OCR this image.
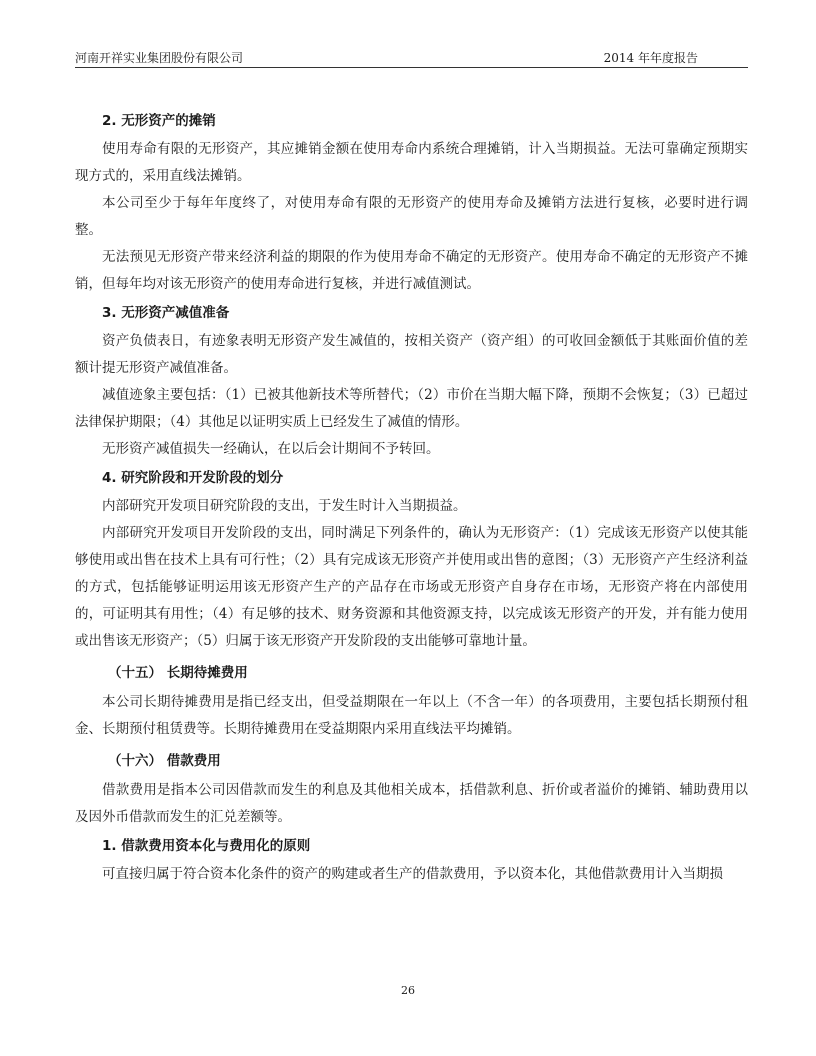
河南开祥实业集团股份有限公司	2014 年年度报告
2. 无形资产的摊销

使用寿命有限的无形资产，其应摊销金额在使用寿命内系统合理摊销，计入当期损益。无法可靠确定预期实现方式的，采用直线法摊销。

本公司至少于每年年度终了，对使用寿命有限的无形资产的使用寿命及摊销方法进行复核，必要时进行调整。

无法预见无形资产带来经济利益的期限的作为使用寿命不确定的无形资产。使用寿命不确定的无形资产不摊销，但每年均对该无形资产的使用寿命进行复核，并进行减值测试。

3. 无形资产减值准备

资产负债表日，有迹象表明无形资产发生减值的，按相关资产（资产组）的可收回金额低于其账面价值的差额计提无形资产减值准备。

减值迹象主要包括：（1）已被其他新技术等所替代；（2）市价在当期大幅下降，预期不会恢复；（3）已超过法律保护期限；（4）其他足以证明实质上已经发生了减值的情形。

无形资产减值损失一经确认，在以后会计期间不予转回。

4. 研究阶段和开发阶段的划分

内部研究开发项目研究阶段的支出，于发生时计入当期损益。

内部研究开发项目开发阶段的支出，同时满足下列条件的，确认为无形资产：（1）完成该无形资产以使其能够使用或出售在技术上具有可行性；（2）具有完成该无形资产并使用或出售的意图；（3）无形资产产生经济利益的方式，包括能够证明运用该无形资产生产的产品存在市场或无形资产自身存在市场，无形资产将在内部使用的，可证明其有用性；（4）有足够的技术、财务资源和其他资源支持，以完成该无形资产的开发，并有能力使用或出售该无形资产；（5）归属于该无形资产开发阶段的支出能够可靠地计量。

（十五） 长期待摊费用

本公司长期待摊费用是指已经支出，但受益期限在一年以上（不含一年）的各项费用，主要包括长期预付租金、长期预付租赁费等。长期待摊费用在受益期限内采用直线法平均摊销。

（十六） 借款费用

借款费用是指本公司因借款而发生的利息及其他相关成本，括借款利息、折价或者溢价的摊销、辅助费用以及因外币借款而发生的汇兑差额等。

1. 借款费用资本化与费用化的原则

可直接归属于符合资本化条件的资产的购建或者生产的借款费用，予以资本化，其他借款费用计入当期损

26
